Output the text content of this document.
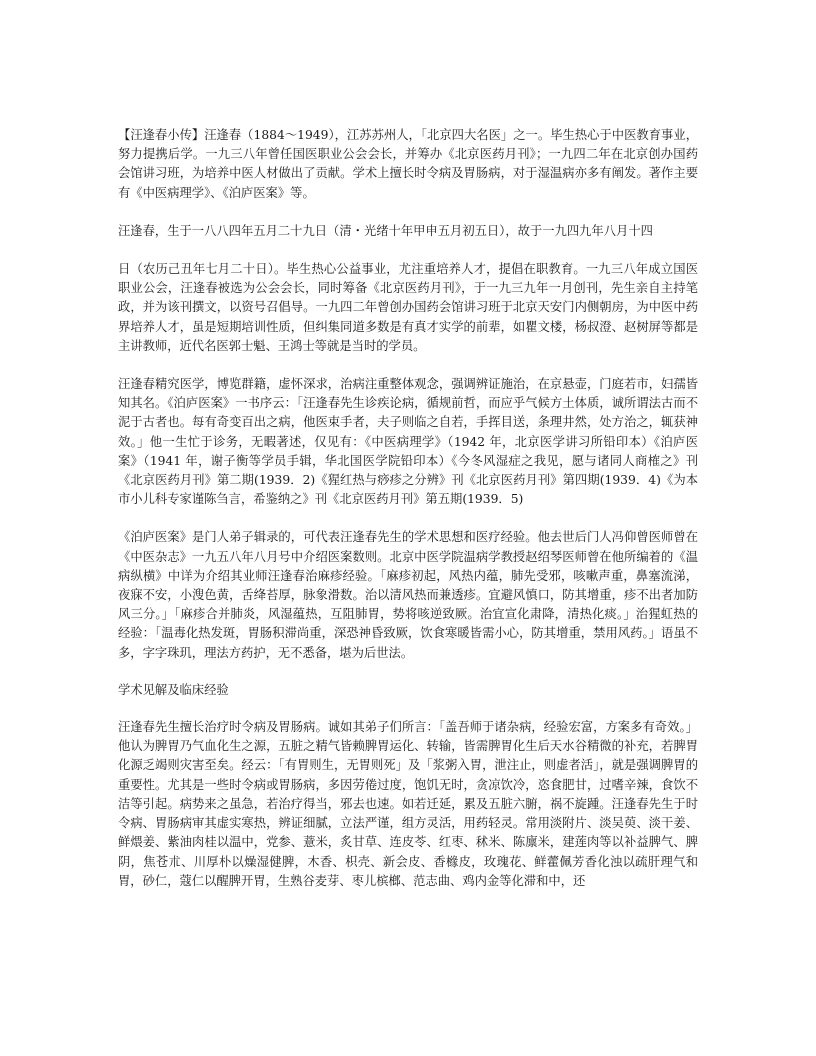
【汪逢春小传】汪逢春（1884～1949），江苏苏州人，「北京四大名医」之一。毕生热心于中医教育事业，努力提携后学。一九三八年曾任国医职业公会会长，并筹办《北京医药月刊》；一九四二年在北京创办国药会馆讲习班，为培养中医人材做出了贡献。学术上擅长时令病及胃肠病，对于湿温病亦多有阐发。著作主要有《中医病理学》、《泊庐医案》等。

汪逢春，生于一八八四年五月二十九日（清・光绪十年甲申五月初五日），故于一九四九年八月十四

日（农历己丑年七月二十日）。毕生热心公益事业，尤注重培养人才，提倡在职教育。一九三八年成立国医职业公会，汪逢春被选为公会会长，同时筹备《北京医药月刊》，于一九三九年一月创刊，先生亲自主持笔政，并为该刊撰文，以资号召倡导。一九四二年曾创办国药会馆讲习班于北京天安门内侧朝房，为中医中药界培养人才，虽是短期培训性质，但纠集同道多数是有真才实学的前辈，如瞿文楼，杨叔澄、赵树屏等都是主讲教师，近代名医郭士魁、王鸿士等就是当时的学员。

汪逢春精究医学，博览群籍，虚怀深求，治病注重整体观念，强调辨证施治，在京悬壶，门庭若市，妇孺皆知其名。《泊庐医案》一书序云：「汪逢春先生诊疾论病，循规前哲，而应乎气候方土体质，诚所谓法古而不泥于古者也。每有奇变百出之病，他医束手者，夫子则临之自若，手挥目送，条理井然，处方治之，辄获神效。」他一生忙于诊务，无暇著述，仅见有：《中医病理学》（1942 年，北京医学讲习所铅印本）《泊庐医案》（1941 年，谢子衡等学员手辑，华北国医学院铅印本）《今冬风湿症之我见，愿与诸同人商榷之》刊《北京医药月刊》第二期(1939．2)《猩红热与痧疹之分辨》刊《北京医药月刊》第四期(1939．4)《为本市小儿科专家谨陈刍言，希鉴纳之》刊《北京医药月刊》第五期(1939．5)

《泊庐医案》是门人弟子辑录的，可代表汪逢春先生的学术思想和医疗经验。他去世后门人冯仰曾医师曾在《中医杂志》一九五八年八月号中介绍医案数则。北京中医学院温病学教授赵绍琴医师曾在他所编着的《温病纵横》中详为介绍其业师汪逢春治麻疹经验。「麻疹初起，风热内蕴，肺先受邪，咳嗽声重，鼻塞流涕，夜寐不安，小溲色黄，舌绛苔厚，脉象滑数。治以清风热而兼透疹。宜避风慎口，防其增重，疹不出者加防风三分。」「麻疹合并肺炎，风湿蕴热，互阻肺胃，势将咳逆致厥。治宜宣化肃降，清热化痰。」治猩虹热的经验：「温毒化热发斑，胃肠积滞尚重，深恐神昏致厥，饮食寒暖皆需小心，防其增重，禁用风药。」语虽不多，字字珠玑，理法方药护，无不悉备，堪为后世法。

学术见解及临床经验

汪逢春先生擅长治疗时令病及胃肠病。诚如其弟子们所言：「盖吾师于诸杂病，经验宏富，方案多有奇效。」他认为脾胃乃气血化生之源，五脏之精气皆赖脾胃运化、转输，皆需脾胃化生后天水谷精微的补充，若脾胃化源乏竭则灾害至矣。经云：「有胃则生，无胃则死」及「浆粥入胃，泄注止，则虚者活」，就是强调脾胃的重要性。尤其是一些时令病或胃肠病，多因劳倦过度，饱饥无时，贪凉饮冷，恣食肥甘，过嗜辛辣，食饮不洁等引起。病势来之虽急，若治疗得当，邪去也速。如若迁延，累及五脏六腑，祸不旋踵。汪逢春先生于时令病、胃肠病审其虚实寒热，辨证细腻，立法严谨，组方灵活，用药轻灵。常用淡附片、淡吴萸、淡干姜、鲜煨姜、紫油肉桂以温中，党参、薏米，炙甘草、连皮苓、红枣、秫米、陈廪米，建莲肉等以补益脾气、脾阴，焦苍朮、川厚朴以燥湿健脾，木香、枳壳、新会皮、香橼皮，玫瑰花、鲜藿佩芳香化浊以疏肝理气和胃，砂仁，蔻仁以醒脾开胃，生熟谷麦芽、枣儿槟榔、范志曲、鸡内金等化滞和中，还
